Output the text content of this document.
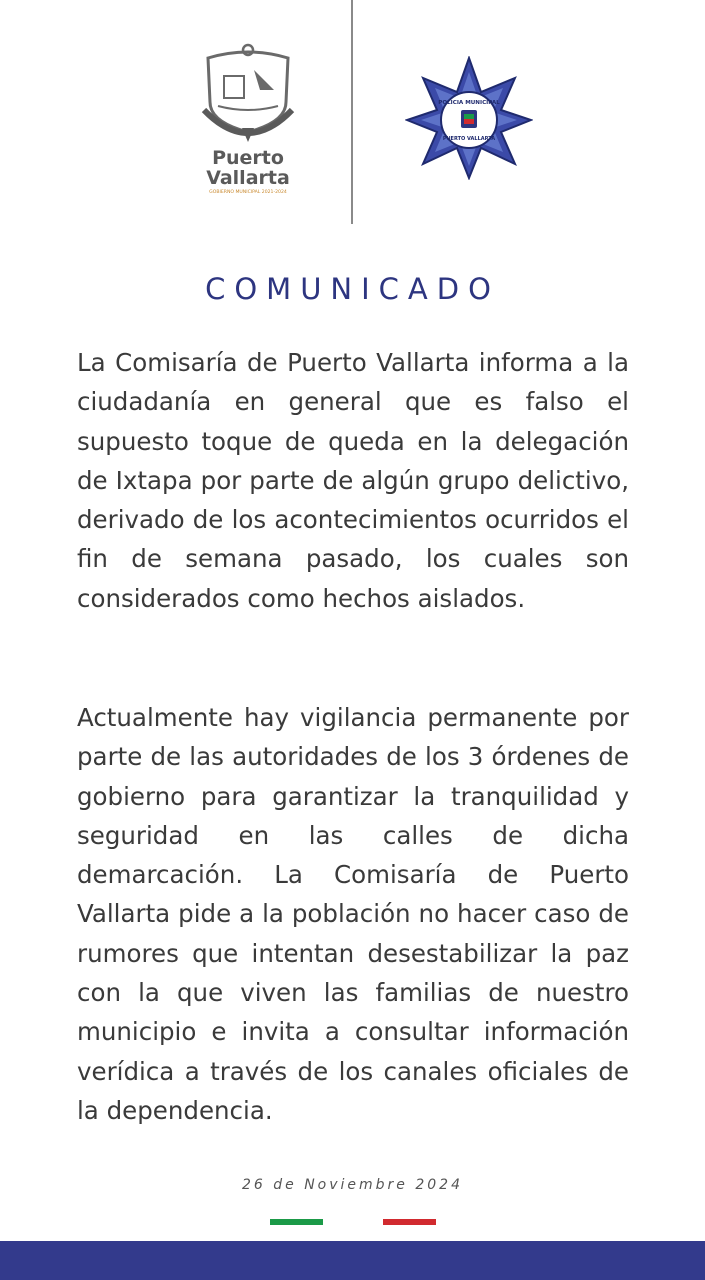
Puerto
Vallarta
GOBIERNO MUNICIPAL 2021-2024
POLICIA MUNICIPAL
PUERTO VALLARTA
COMUNICADO

La Comisaría de Puerto Vallarta informa a la ciudadanía en general que es falso el supuesto toque de queda en la delegación de Ixtapa por parte de algún grupo delictivo, derivado de los acontecimientos ocurridos el fin de semana pasado, los cuales son considerados como hechos aislados.

Actualmente hay vigilancia permanente por parte de las autoridades de los 3 órdenes de gobierno para garantizar la tranquilidad y seguridad en las calles de dicha demarcación. La Comisaría de Puerto Vallarta pide a la población no hacer caso de rumores que intentan desestabilizar la paz con la que viven las familias de nuestro municipio e invita a consultar información verídica a través de los canales oficiales de la dependencia.

26 de Noviembre 2024
